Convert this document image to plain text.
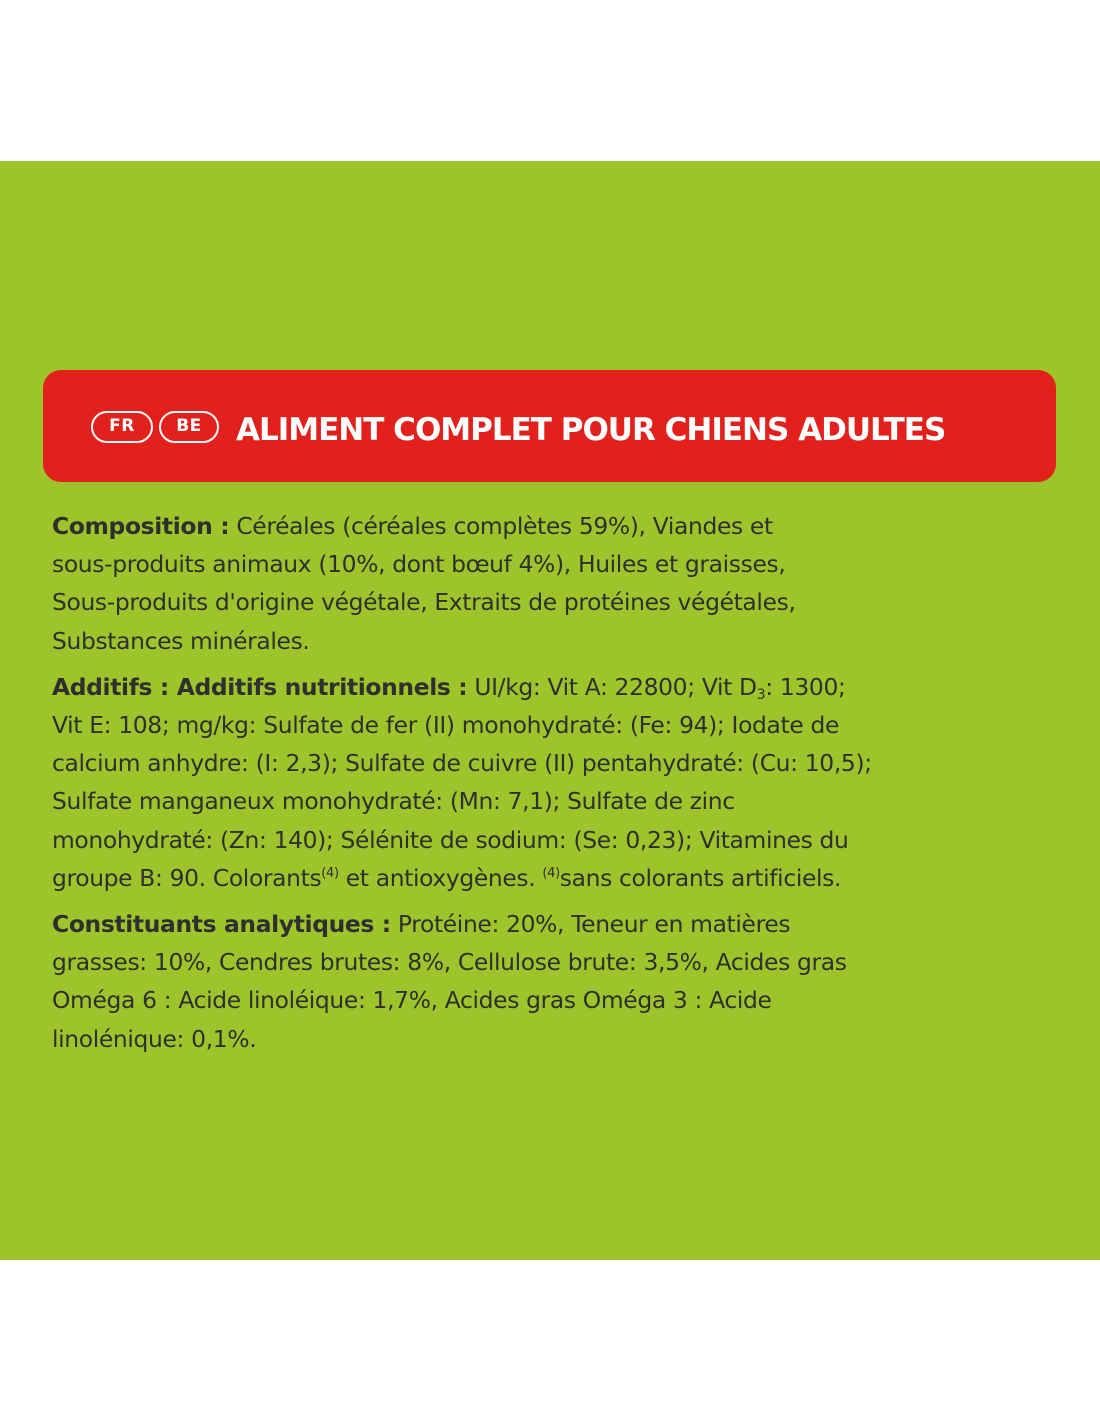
FR	BE	ALIMENT COMPLET POUR CHIENS ADULTES
Composition : Céréales (céréales complètes 59%), Viandes et
sous-produits animaux (10%, dont bœuf 4%), Huiles et graisses,
Sous-produits d'origine végétale, Extraits de protéines végétales,
Substances minérales.
Additifs : Additifs nutritionnels : UI/kg: Vit A: 22800; Vit $D_3$: 1300;
Vit E: 108; mg/kg: Sulfate de fer (II) monohydraté: (Fe: 94); Iodate de
calcium anhydre: (I: 2,3); Sulfate de cuivre (II) pentahydraté: (Cu: 10,5);
Sulfate manganeux monohydraté: (Mn: 7,1); Sulfate de zinc
monohydraté: (Zn: 140); Sélénite de sodium: (Se: 0,23); Vitamines du
groupe B: 90. Colorants$^{(4)}$ et antioxygènes. $^{(4)}$sans colorants artificiels.
Constituants analytiques : Protéine: 20%, Teneur en matières
grasses: 10%, Cendres brutes: 8%, Cellulose brute: 3,5%, Acides gras
Oméga 6 : Acide linoléique: 1,7%, Acides gras Oméga 3 : Acide
linolénique: 0,1%.
